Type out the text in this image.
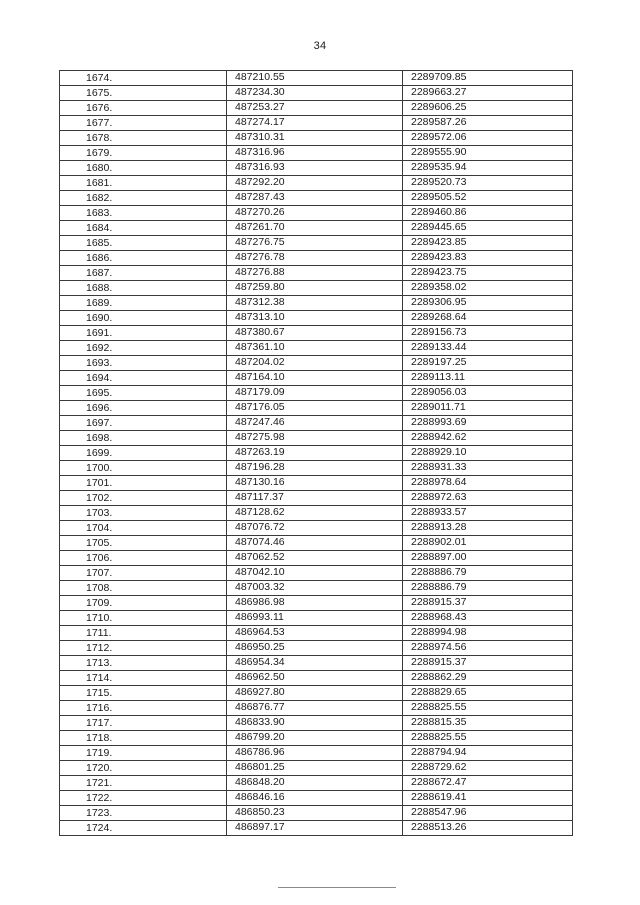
34
1674.	487210.55	2289709.85
1675.	487234.30	2289663.27
1676.	487253.27	2289606.25
1677.	487274.17	2289587.26
1678.	487310.31	2289572.06
1679.	487316.96	2289555.90
1680.	487316.93	2289535.94
1681.	487292.20	2289520.73
1682.	487287.43	2289505.52
1683.	487270.26	2289460.86
1684.	487261.70	2289445.65
1685.	487276.75	2289423.85
1686.	487276.78	2289423.83
1687.	487276.88	2289423.75
1688.	487259.80	2289358.02
1689.	487312.38	2289306.95
1690.	487313.10	2289268.64
1691.	487380.67	2289156.73
1692.	487361.10	2289133.44
1693.	487204.02	2289197.25
1694.	487164.10	2289113.11
1695.	487179.09	2289056.03
1696.	487176.05	2289011.71
1697.	487247.46	2288993.69
1698.	487275.98	2288942.62
1699.	487263.19	2288929.10
1700.	487196.28	2288931.33
1701.	487130.16	2288978.64
1702.	487117.37	2288972.63
1703.	487128.62	2288933.57
1704.	487076.72	2288913.28
1705.	487074.46	2288902.01
1706.	487062.52	2288897.00
1707.	487042.10	2288886.79
1708.	487003.32	2288886.79
1709.	486986.98	2288915.37
1710.	486993.11	2288968.43
1711.	486964.53	2288994.98
1712.	486950.25	2288974.56
1713.	486954.34	2288915.37
1714.	486962.50	2288862.29
1715.	486927.80	2288829.65
1716.	486876.77	2288825.55
1717.	486833.90	2288815.35
1718.	486799.20	2288825.55
1719.	486786.96	2288794.94
1720.	486801.25	2288729.62
1721.	486848.20	2288672.47
1722.	486846.16	2288619.41
1723.	486850.23	2288547.96
1724.	486897.17	2288513.26
